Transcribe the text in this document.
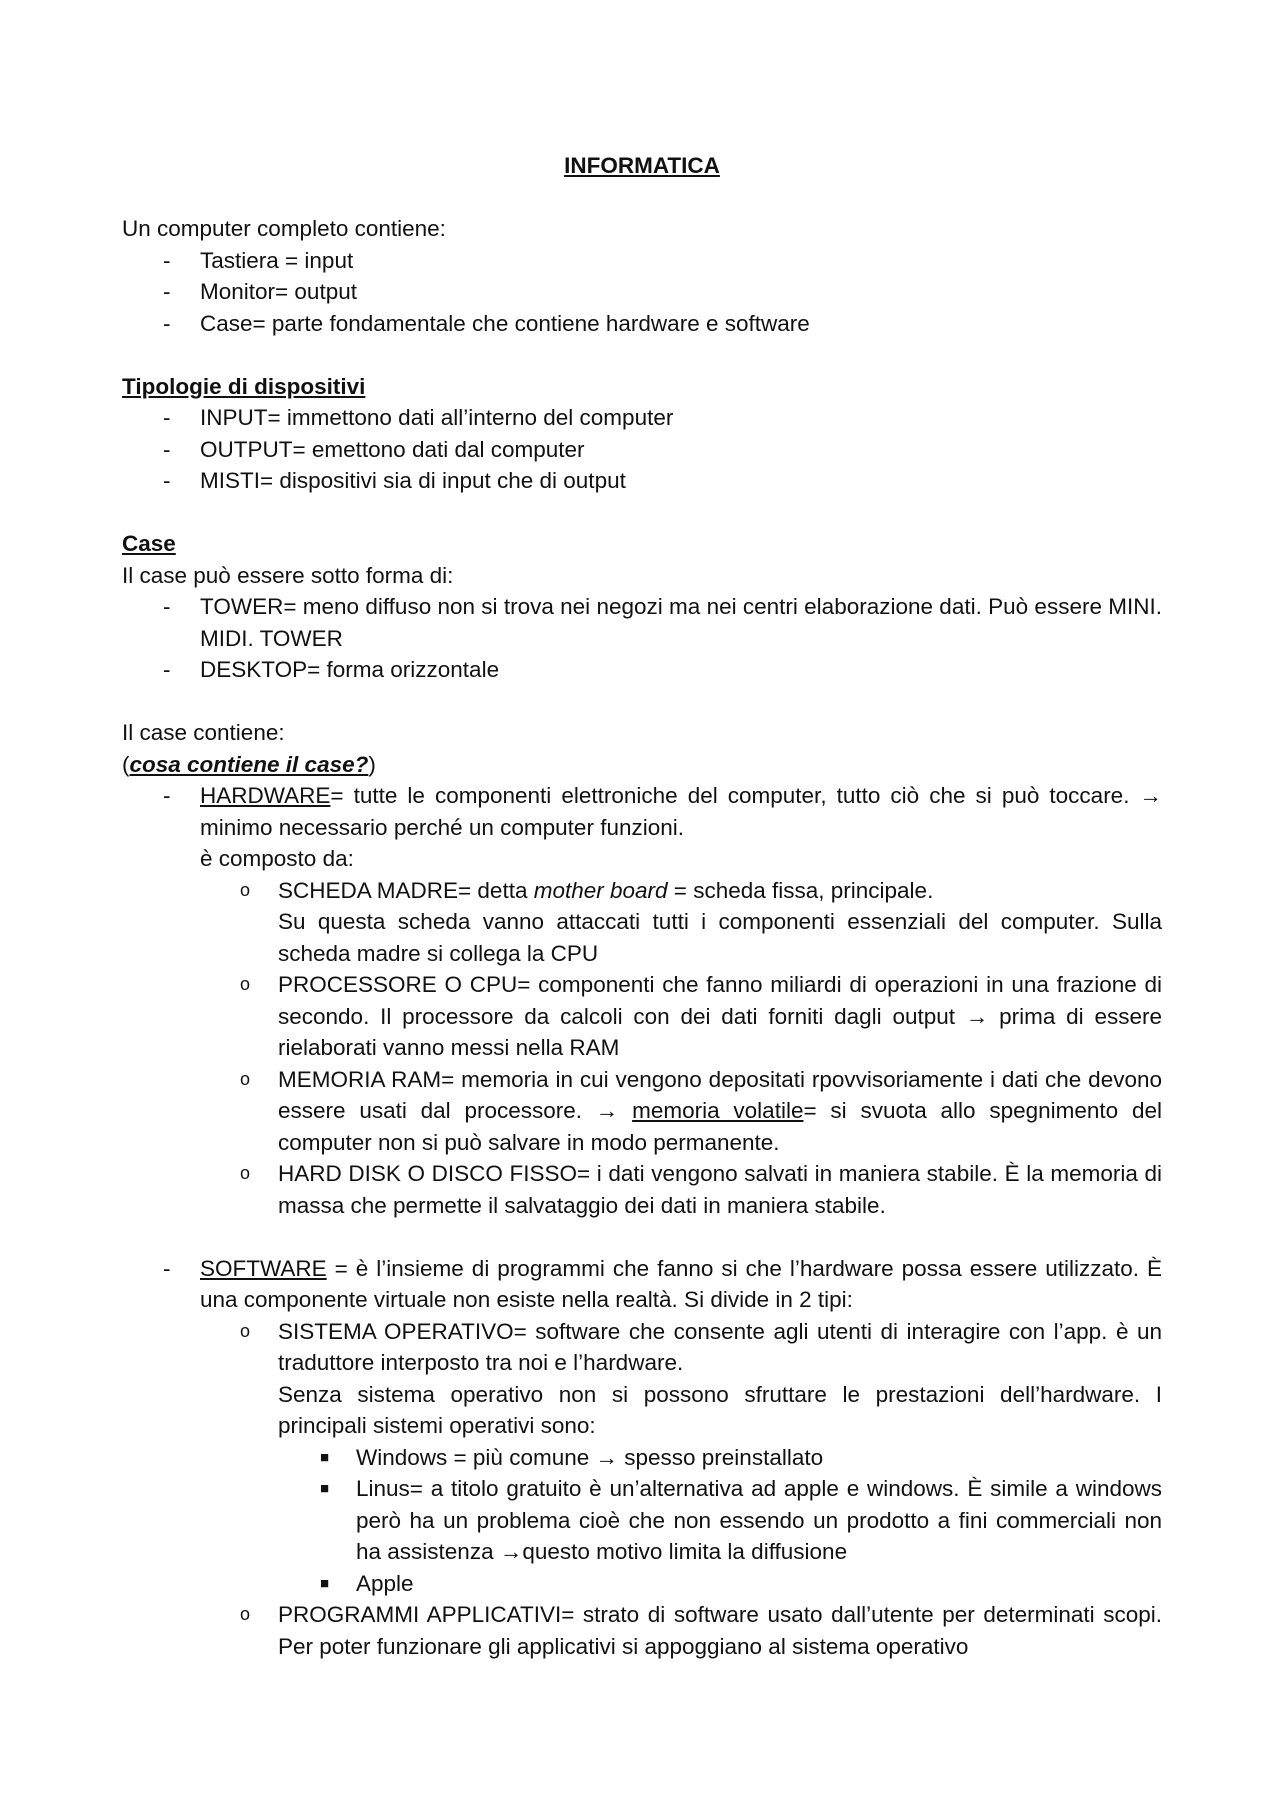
INFORMATICA
Un computer completo contiene:
- Tastiera = input
- Monitor= output
- Case= parte fondamentale che contiene hardware e software
Tipologie di dispositivi
- INPUT= immettono dati all’interno del computer
- OUTPUT= emettono dati dal computer
- MISTI= dispositivi sia di input che di output
Case
Il case può essere sotto forma di:
- TOWER= meno diffuso non si trova nei negozi ma nei centri elaborazione dati. Può essere MINI. MIDI. TOWER
- DESKTOP= forma orizzontale
Il case contiene:
(cosa contiene il case?)
- HARDWARE= tutte le componenti elettroniche del computer, tutto ciò che si può toccare. → minimo necessario perché un computer funzioni.
è composto da:
o SCHEDA MADRE= detta mother board = scheda fissa, principale.
Su questa scheda vanno attaccati tutti i componenti essenziali del computer. Sulla scheda madre si collega la CPU
o PROCESSORE O CPU= componenti che fanno miliardi di operazioni in una frazione di secondo. Il processore da calcoli con dei dati forniti dagli output → prima di essere rielaborati vanno messi nella RAM
o MEMORIA RAM= memoria in cui vengono depositati rpovvisoriamente i dati che devono essere usati dal processore. → memoria volatile= si svuota allo spegnimento del computer non si può salvare in modo permanente.
o HARD DISK O DISCO FISSO= i dati vengono salvati in maniera stabile. È la memoria di massa che permette il salvataggio dei dati in maniera stabile.
- SOFTWARE = è l’insieme di programmi che fanno si che l’hardware possa essere utilizzato. È una componente virtuale non esiste nella realtà. Si divide in 2 tipi:
o SISTEMA OPERATIVO= software che consente agli utenti di interagire con l’app. è un traduttore interposto tra noi e l’hardware.
Senza sistema operativo non si possono sfruttare le prestazioni dell’hardware. I principali sistemi operativi sono:
■ Windows = più comune → spesso preinstallato
■ Linus= a titolo gratuito è un’alternativa ad apple e windows. È simile a windows però ha un problema cioè che non essendo un prodotto a fini commerciali non ha assistenza →questo motivo limita la diffusione
■ Apple
o PROGRAMMI APPLICATIVI= strato di software usato dall’utente per determinati scopi. Per poter funzionare gli applicativi si appoggiano al sistema operativo
